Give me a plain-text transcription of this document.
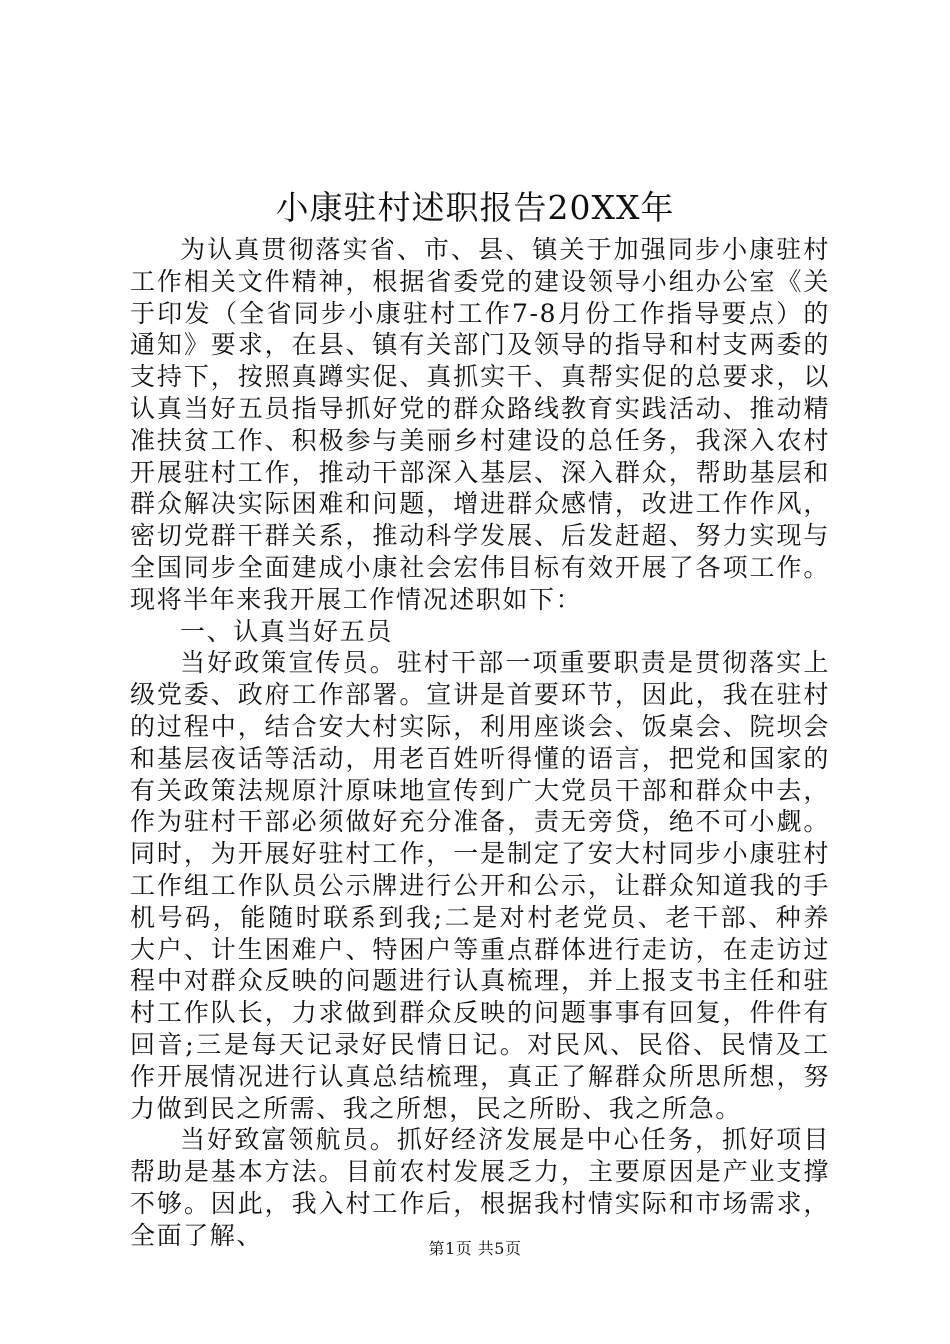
小康驻村述职报告20XX年

为认真贯彻落实省、市、县、镇关于加强同步小康驻村工作相关文件精神，根据省委党的建设领导小组办公室《关于印发（全省同步小康驻村工作7-8月份工作指导要点）的通知》要求，在县、镇有关部门及领导的指导和村支两委的支持下，按照真蹲实促、真抓实干、真帮实促的总要求，以认真当好五员指导抓好党的群众路线教育实践活动、推动精准扶贫工作、积极参与美丽乡村建设的总任务，我深入农村开展驻村工作，推动干部深入基层、深入群众，帮助基层和群众解决实际困难和问题，增进群众感情，改进工作作风，密切党群干群关系，推动科学发展、后发赶超、努力实现与全国同步全面建成小康社会宏伟目标有效开展了各项工作。现将半年来我开展工作情况述职如下：

一、认真当好五员

当好政策宣传员。驻村干部一项重要职责是贯彻落实上级党委、政府工作部署。宣讲是首要环节，因此，我在驻村的过程中，结合安大村实际，利用座谈会、饭桌会、院坝会和基层夜话等活动，用老百姓听得懂的语言，把党和国家的有关政策法规原汁原味地宣传到广大党员干部和群众中去，作为驻村干部必须做好充分准备，责无旁贷，绝不可小觑。同时，为开展好驻村工作，一是制定了安大村同步小康驻村工作组工作队员公示牌进行公开和公示，让群众知道我的手机号码，能随时联系到我;二是对村老党员、老干部、种养大户、计生困难户、特困户等重点群体进行走访，在走访过程中对群众反映的问题进行认真梳理，并上报支书主任和驻村工作队长，力求做到群众反映的问题事事有回复，件件有回音;三是每天记录好民情日记。对民风、民俗、民情及工作开展情况进行认真总结梳理，真正了解群众所思所想，努力做到民之所需、我之所想，民之所盼、我之所急。

当好致富领航员。抓好经济发展是中心任务，抓好项目帮助是基本方法。目前农村发展乏力，主要原因是产业支撑不够。因此，我入村工作后，根据我村情实际和市场需求，全面了解、	第1页 共5页
